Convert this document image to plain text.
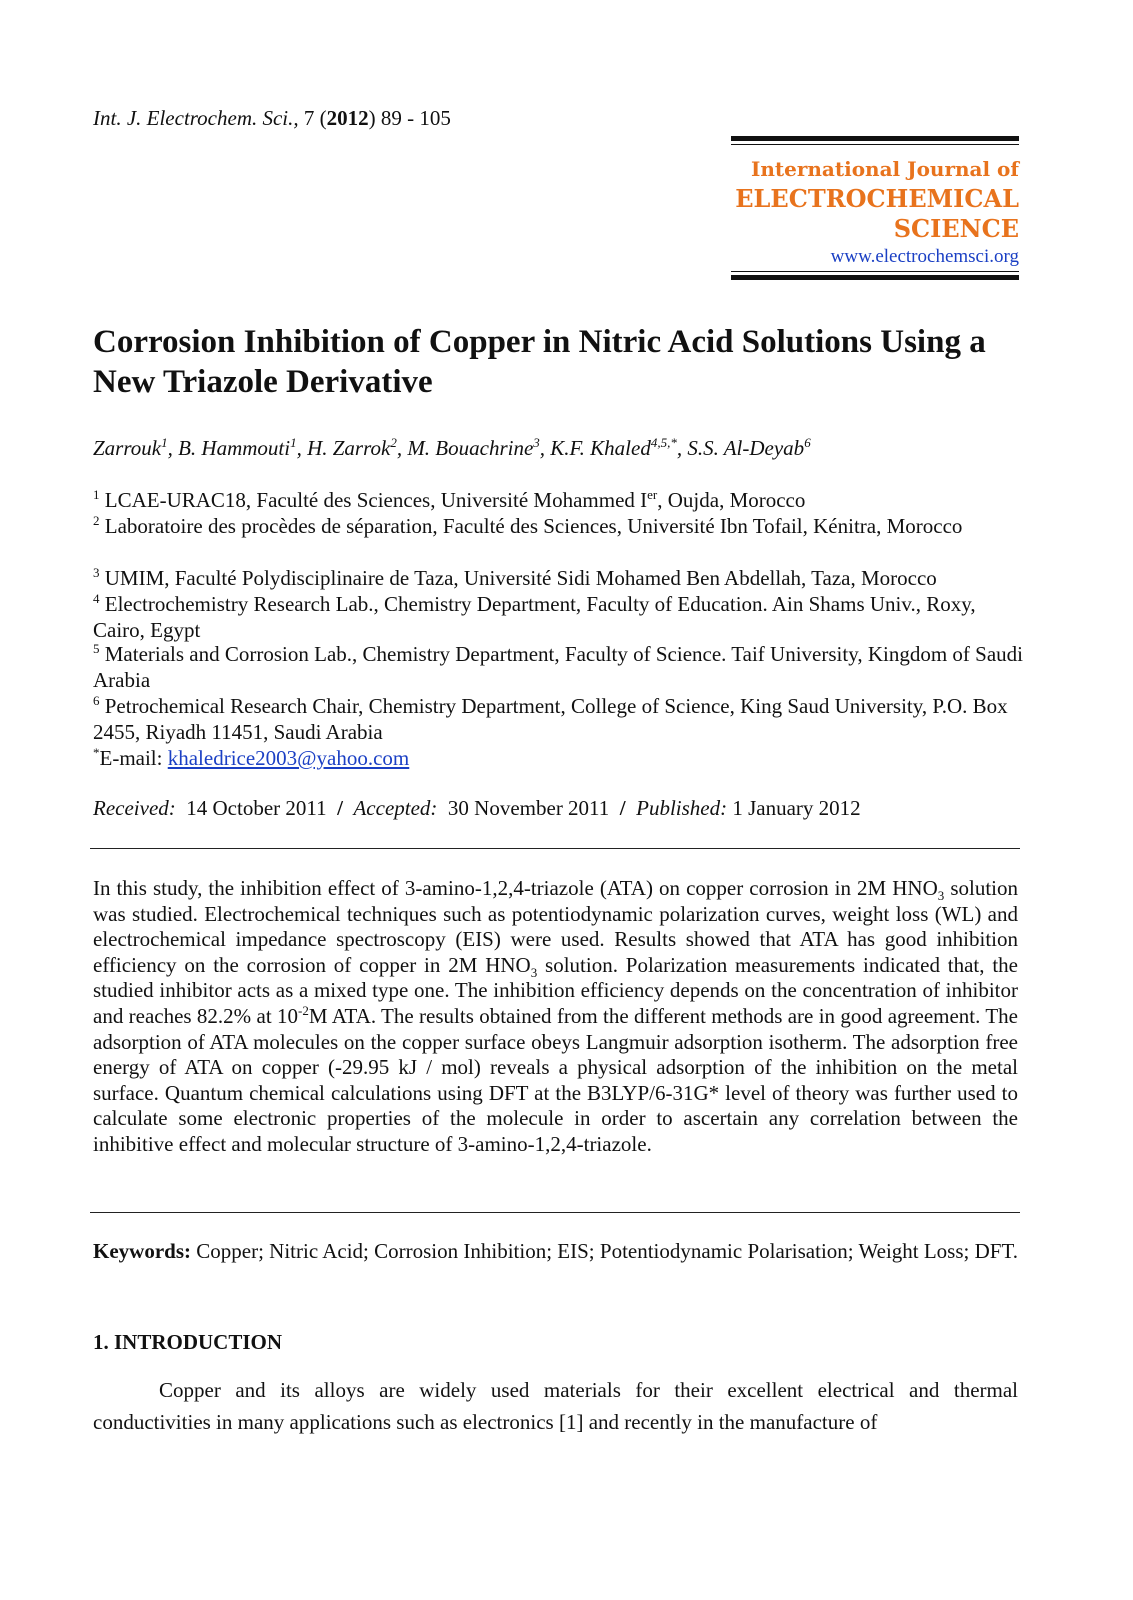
Int. J. Electrochem. Sci., 7 (2012) 89 - 105
International Journal of
ELECTROCHEMICAL
SCIENCE
www.electrochemsci.org
Corrosion Inhibition of Copper in Nitric Acid Solutions Using a New Triazole Derivative
Zarrouk$^1$, B. Hammouti$^1$, H. Zarrok$^2$, M. Bouachrine$^3$, K.F. Khaled$^{4,5,*}$, S.S. Al-Deyab$^6$
$^1$ LCAE-URAC18, Faculté des Sciences, Université Mohammed Ier, Oujda, Morocco
$^2$ Laboratoire des procèdes de séparation, Faculté des Sciences, Université Ibn Tofail, Kénitra, Morocco
$^3$ UMIM, Faculté Polydisciplinaire de Taza, Université Sidi Mohamed Ben Abdellah, Taza, Morocco
$^4$ Electrochemistry Research Lab., Chemistry Department, Faculty of Education. Ain Shams Univ., Roxy, Cairo, Egypt
$^5$ Materials and Corrosion Lab., Chemistry Department, Faculty of Science. Taif University, Kingdom of Saudi Arabia
$^6$ Petrochemical Research Chair, Chemistry Department, College of Science, King Saud University, P.O. Box 2455, Riyadh 11451, Saudi Arabia
*E-mail: khaledrice2003@yahoo.com
Received: 14 October 2011 / Accepted: 30 November 2011 / Published: 1 January 2012
In this study, the inhibition effect of 3-amino-1,2,4-triazole (ATA) on copper corrosion in 2M $HNO_3$ solution was studied. Electrochemical techniques such as potentiodynamic polarization curves, weight loss (WL) and electrochemical impedance spectroscopy (EIS) were used. Results showed that ATA has good inhibition efficiency on the corrosion of copper in 2M $HNO_3$ solution. Polarization measurements indicated that, the studied inhibitor acts as a mixed type one. The inhibition efficiency depends on the concentration of inhibitor and reaches 82.2% at $10^{-2}M$ ATA. The results obtained from the different methods are in good agreement. The adsorption of ATA molecules on the copper surface obeys Langmuir adsorption isotherm. The adsorption free energy of ATA on copper (-29.95 kJ / mol) reveals a physical adsorption of the inhibition on the metal surface. Quantum chemical calculations using DFT at the B3LYP/6-31G* level of theory was further used to calculate some electronic properties of the molecule in order to ascertain any correlation between the inhibitive effect and molecular structure of 3-amino-1,2,4-triazole.
Keywords: Copper; Nitric Acid; Corrosion Inhibition; EIS; Potentiodynamic Polarisation; Weight Loss; DFT.
1. INTRODUCTION
Copper and its alloys are widely used materials for their excellent electrical and thermal conductivities in many applications such as electronics [1] and recently in the manufacture of
